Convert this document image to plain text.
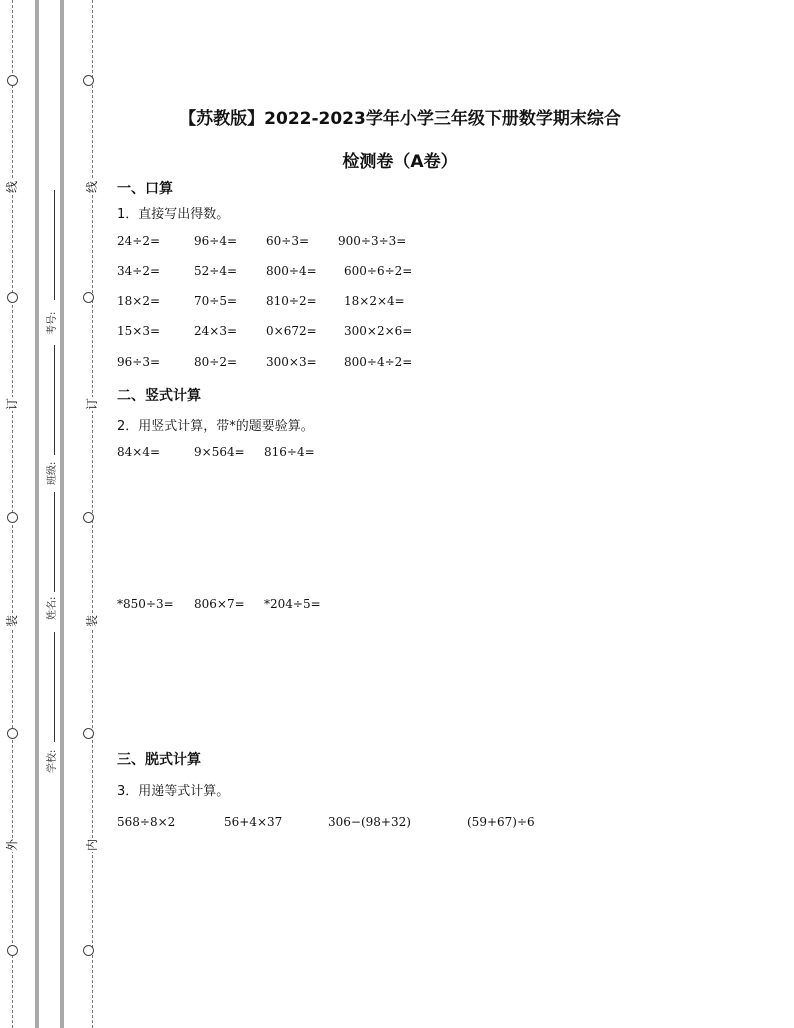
线
订
装
外
线
订
装
内
考号:
班级:
姓名:
学校:
【苏教版】2022-2023学年小学三年级下册数学期末综合
检测卷（A卷）
一、口算
1．直接写出得数。
24÷2=	96÷4= 60÷3= 900÷3÷3=
34÷2=	52÷4= 800÷4= 600÷6÷2=
18×2=	70÷5= 810÷2= 18×2×4=
15×3=	24×3= 0×672= 300×2×6=
96÷3=	80÷2= 300×3= 800÷4÷2=
二、竖式计算
2．用竖式计算，带*的题要验算。
84×4=	9×564= 816÷4=
*850÷3= 806×7= *204÷5=
三、脱式计算
3．用递等式计算。
568÷8×2	56+4×37	306−(98+32)	(59+67)÷6
